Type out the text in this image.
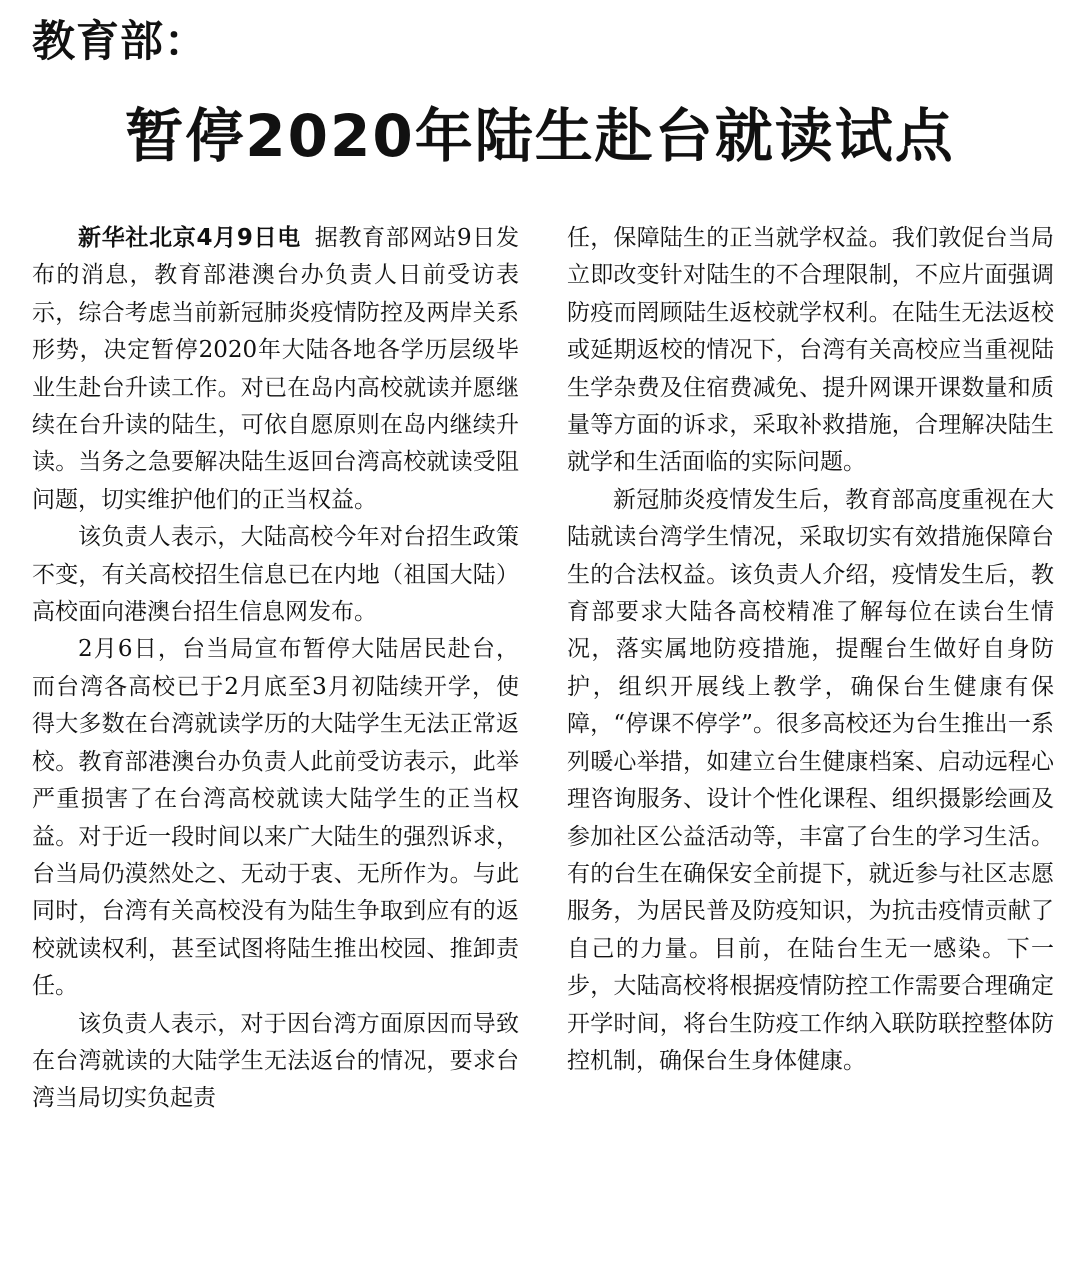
教育部：
暂停2020年陆生赴台就读试点

新华社北京4月9日电 据教育部网站9日发布的消息，教育部港澳台办负责人日前受访表示，综合考虑当前新冠肺炎疫情防控及两岸关系形势，决定暂停2020年大陆各地各学历层级毕业生赴台升读工作。对已在岛内高校就读并愿继续在台升读的陆生，可依自愿原则在岛内继续升读。当务之急要解决陆生返回台湾高校就读受阻问题，切实维护他们的正当权益。

该负责人表示，大陆高校今年对台招生政策不变，有关高校招生信息已在内地（祖国大陆）高校面向港澳台招生信息网发布。

2月6日，台当局宣布暂停大陆居民赴台，而台湾各高校已于2月底至3月初陆续开学，使得大多数在台湾就读学历的大陆学生无法正常返校。教育部港澳台办负责人此前受访表示，此举严重损害了在台湾高校就读大陆学生的正当权益。对于近一段时间以来广大陆生的强烈诉求，台当局仍漠然处之、无动于衷、无所作为。与此同时，台湾有关高校没有为陆生争取到应有的返校就读权利，甚至试图将陆生推出校园、推卸责任。

该负责人表示，对于因台湾方面原因而导致在台湾就读的大陆学生无法返台的情况，要求台湾当局切实负起责

任，保障陆生的正当就学权益。我们敦促台当局立即改变针对陆生的不合理限制，不应片面强调防疫而罔顾陆生返校就学权利。在陆生无法返校或延期返校的情况下，台湾有关高校应当重视陆生学杂费及住宿费减免、提升网课开课数量和质量等方面的诉求，采取补救措施，合理解决陆生就学和生活面临的实际问题。

新冠肺炎疫情发生后，教育部高度重视在大陆就读台湾学生情况，采取切实有效措施保障台生的合法权益。该负责人介绍，疫情发生后，教育部要求大陆各高校精准了解每位在读台生情况，落实属地防疫措施，提醒台生做好自身防护，组织开展线上教学，确保台生健康有保障，“停课不停学”。很多高校还为台生推出一系列暖心举措，如建立台生健康档案、启动远程心理咨询服务、设计个性化课程、组织摄影绘画及参加社区公益活动等，丰富了台生的学习生活。有的台生在确保安全前提下，就近参与社区志愿服务，为居民普及防疫知识，为抗击疫情贡献了自己的力量。目前，在陆台生无一感染。下一步，大陆高校将根据疫情防控工作需要合理确定开学时间，将台生防疫工作纳入联防联控整体防控机制，确保台生身体健康。
